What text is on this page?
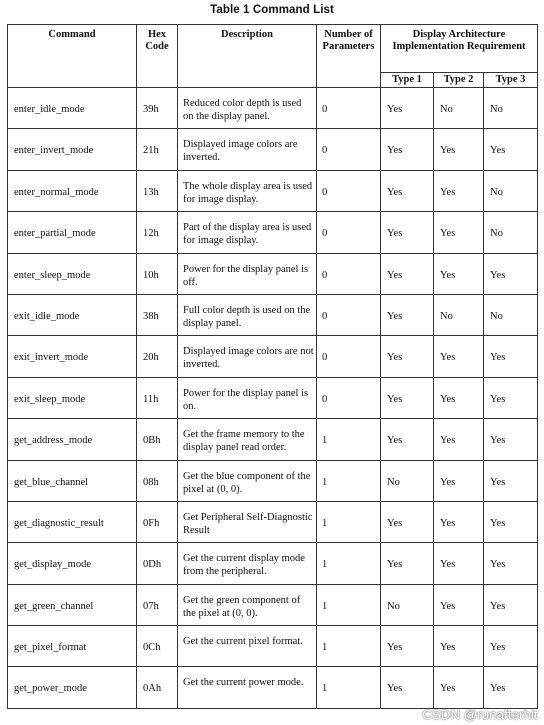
Table 1 Command List
Command	Hex Code	Description	Number of Parameters	Display Architecture Implementation Requirement		
				Type 1	Type 2	Type 3
enter_idle_mode	39h	Reduced color depth is used on the display panel.	0	Yes	No	No
enter_invert_mode	21h	Displayed image colors are inverted.	0	Yes	Yes	Yes
enter_normal_mode	13h	The whole display area is used for image display.	0	Yes	Yes	No
enter_partial_mode	12h	Part of the display area is used for image display.	0	Yes	Yes	No
enter_sleep_mode	10h	Power for the display panel is off.	0	Yes	Yes	Yes
exit_idle_mode	38h	Full color depth is used on the display panel.	0	Yes	No	No
exit_invert_mode	20h	Displayed image colors are not inverted.	0	Yes	Yes	Yes
exit_sleep_mode	11h	Power for the display panel is on.	0	Yes	Yes	Yes
get_address_mode	0Bh	Get the frame memory to the display panel read order.	1	Yes	Yes	Yes
get_blue_channel	08h	Get the blue component of the pixel at (0, 0).	1	No	Yes	Yes
get_diagnostic_result	0Fh	Get Peripheral Self-Diagnostic Result	1	Yes	Yes	Yes
get_display_mode	0Dh	Get the current display mode from the peripheral.	1	Yes	Yes	Yes
get_green_channel	07h	Get the green component of the pixel at (0, 0).	1	No	Yes	Yes
get_pixel_format	0Ch	Get the current pixel format.	1	Yes	Yes	Yes
get_power_mode	0Ah	Get the current power mode.	1	Yes	Yes	Yes
CSDN @runafterhit
